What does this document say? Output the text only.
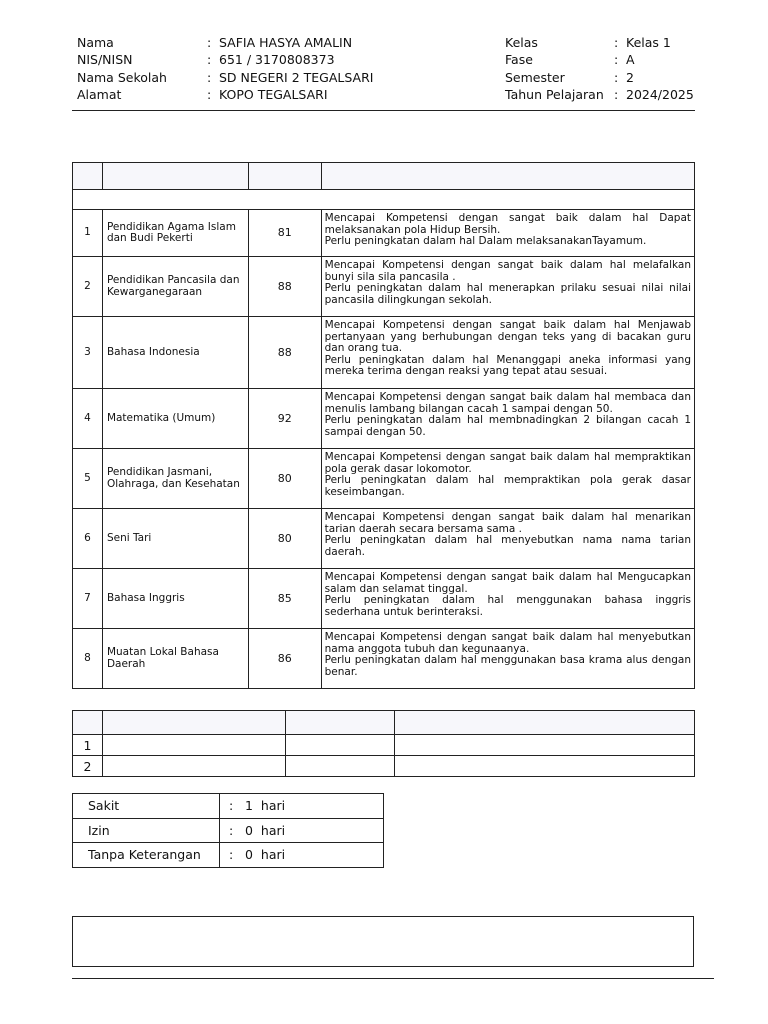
Nama	: SAFIA HASYA AMALIN
NIS/NISN	: 651 / 3170808373
Nama Sekolah	: SD NEGERI 2 TEGALSARI
Alamat	: KOPO TEGALSARI
Kelas	: Kelas 1
Fase	: A
Semester	: 2
Tahun Pelajaran : 2024/2025

1	Pendidikan Agama Islam dan Budi Pekerti	81	Mencapai Kompetensi dengan sangat baik dalam hal Dapat melaksanakan pola Hidup Bersih.
Perlu peningkatan dalam hal Dalam melaksanakanTayamum.

2	Pendidikan Pancasila dan Kewarganegaraan	88	Mencapai Kompetensi dengan sangat baik dalam hal melafalkan bunyi sila sila pancasila .
Perlu peningkatan dalam hal menerapkan prilaku sesuai nilai nilai pancasila dilingkungan sekolah.

3	Bahasa Indonesia	88	Mencapai Kompetensi dengan sangat baik dalam hal Menjawab pertanyaan yang berhubungan dengan teks yang di bacakan guru dan orang tua.
Perlu peningkatan dalam hal Menanggapi aneka informasi yang mereka terima dengan reaksi yang tepat atau sesuai.

4	Matematika (Umum)	92	Mencapai Kompetensi dengan sangat baik dalam hal membaca dan menulis lambang bilangan cacah 1 sampai dengan 50.
Perlu peningkatan dalam hal membnadingkan 2 bilangan cacah 1 sampai dengan 50.

5	Pendidikan Jasmani, Olahraga, dan Kesehatan	80	Mencapai Kompetensi dengan sangat baik dalam hal mempraktikan pola gerak dasar lokomotor.
Perlu peningkatan dalam hal mempraktikan pola gerak dasar keseimbangan.

6	Seni Tari	80	Mencapai Kompetensi dengan sangat baik dalam hal menarikan tarian daerah secara bersama sama .
Perlu peningkatan dalam hal menyebutkan nama nama tarian daerah.

7	Bahasa Inggris	85	Mencapai Kompetensi dengan sangat baik dalam hal Mengucapkan salam dan selamat tinggal.
Perlu peningkatan dalam hal menggunakan bahasa inggris sederhana untuk berinteraksi.

8	Muatan Lokal Bahasa Daerah	86	Mencapai Kompetensi dengan sangat baik dalam hal menyebutkan nama anggota tubuh dan kegunaanya.
Perlu peningkatan dalam hal menggunakan basa krama alus dengan benar.

1			
2			
Sakit	: 1 hari
Izin	: 0 hari
Tanpa Keterangan	: 0 hari
